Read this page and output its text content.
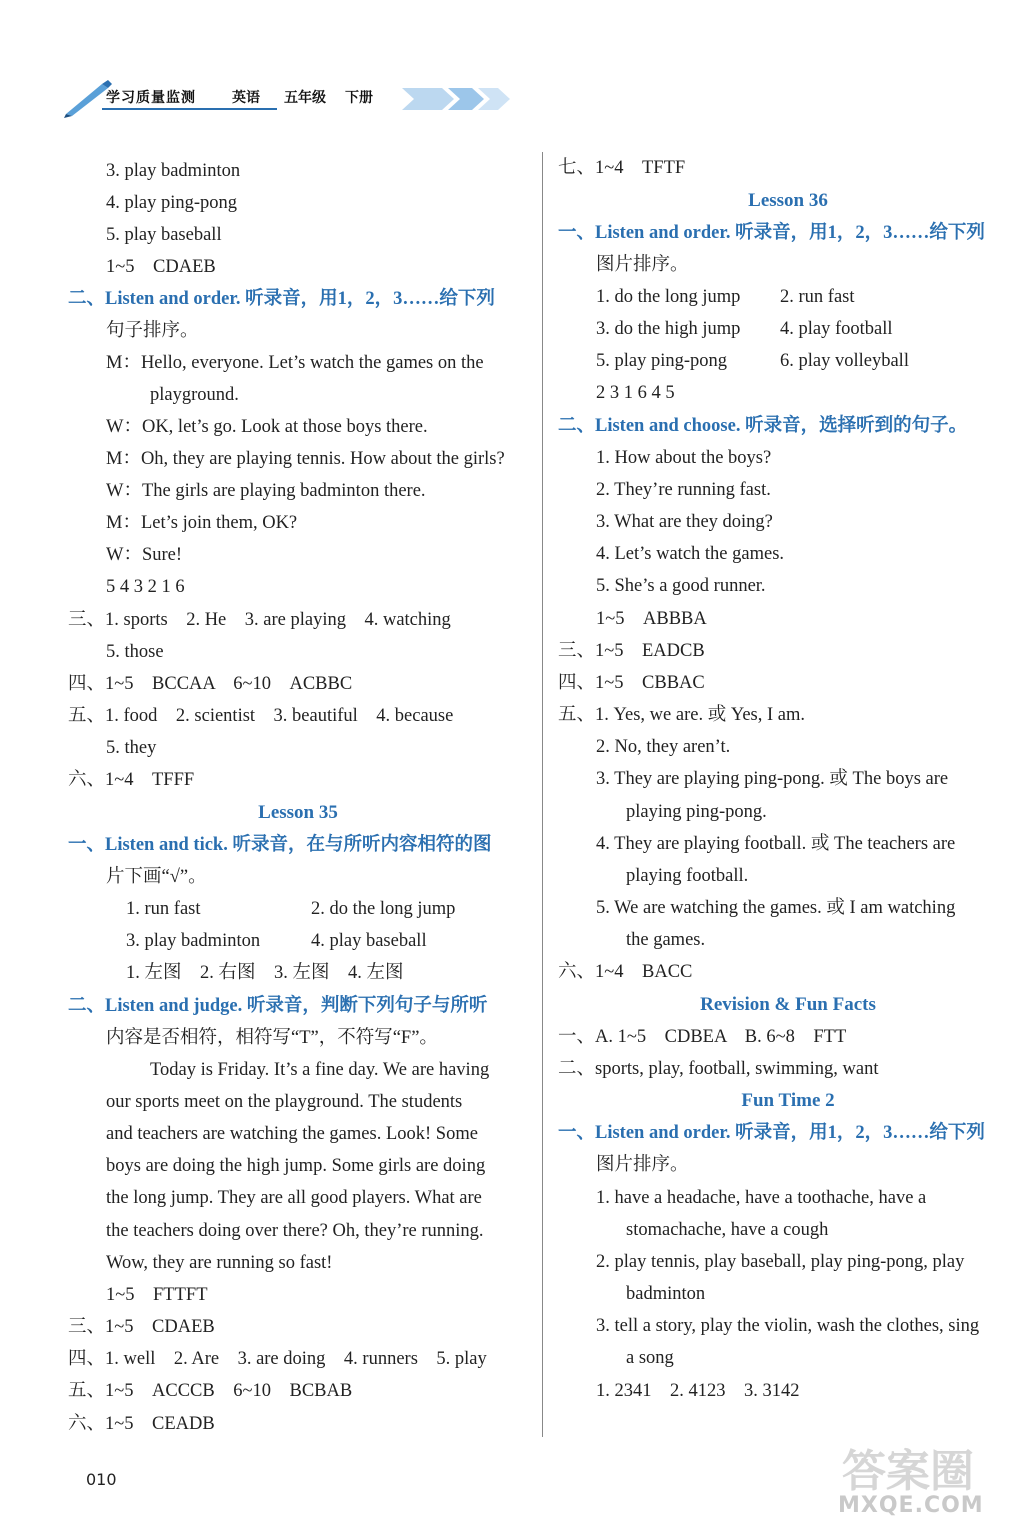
学习质量监测	英语 五年级 下册
3. play badminton
4. play ping-pong
5. play baseball
1~5　CDAEB
二、Listen and order. 听录音，用1，2，3……给下列
句子排序。
M：Hello, everyone. Let’s watch the games on the
playground.
W：OK, let’s go. Look at those boys there.
M：Oh, they are playing tennis. How about the girls?
W：The girls are playing badminton there.
M：Let’s join them, OK?
W：Sure!
5 4 3 2 1 6
三、1. sports　2. He　3. are playing　4. watching
5. those
四、1~5　BCCAA　6~10　ACBBC
五、1. food　2. scientist　3. beautiful　4. because
5. they
六、1~4　TFFF
Lesson 35
一、Listen and tick. 听录音，在与所听内容相符的图
片下画“√”。
1. run fast	2. do the long jump
3. play badminton	4. play baseball
1. 左图　2. 右图　3. 左图　4. 左图
二、Listen and judge. 听录音，判断下列句子与所听
内容是否相符，相符写“T”，不符写“F”。
Today is Friday. It’s a fine day. We are having
our sports meet on the playground. The students
and teachers are watching the games. Look! Some
boys are doing the high jump. Some girls are doing
the long jump. They are all good players. What are
the teachers doing over there? Oh, they’re running.
Wow, they are running so fast!
1~5　FTTFT
三、1~5　CDAEB
四、1. well　2. Are　3. are doing　4. runners　5. play
五、1~5　ACCCB　6~10　BCBAB
六、1~5　CEADB
七、1~4　TFTF
Lesson 36
一、Listen and order. 听录音，用1，2，3……给下列
图片排序。
1. do the long jump 2. run fast
3. do the high jump 4. play football
5. play ping-pong	6. play volleyball
2 3 1 6 4 5
二、Listen and choose. 听录音，选择听到的句子。
1. How about the boys?
2. They’re running fast.
3. What are they doing?
4. Let’s watch the games.
5. She’s a good runner.
1~5　ABBBA
三、1~5　EADCB
四、1~5　CBBAC
五、1. Yes, we are. 或 Yes, I am.
2. No, they aren’t.
3. They are playing ping-pong. 或 The boys are
playing ping-pong.
4. They are playing football. 或 The teachers are
playing football.
5. We are watching the games. 或 I am watching
the games.
六、1~4　BACC
Revision & Fun Facts
一、A. 1~5　CDBEA　B. 6~8　FTT
二、sports, play, football, swimming, want
Fun Time 2
一、Listen and order. 听录音，用1，2，3……给下列
图片排序。
1. have a headache, have a toothache, have a
stomachache, have a cough
2. play tennis, play baseball, play ping-pong, play
badminton
3. tell a story, play the violin, wash the clothes, sing
a song
1. 2341　2. 4123　3. 3142
010	答案圈
MXQE.COM
